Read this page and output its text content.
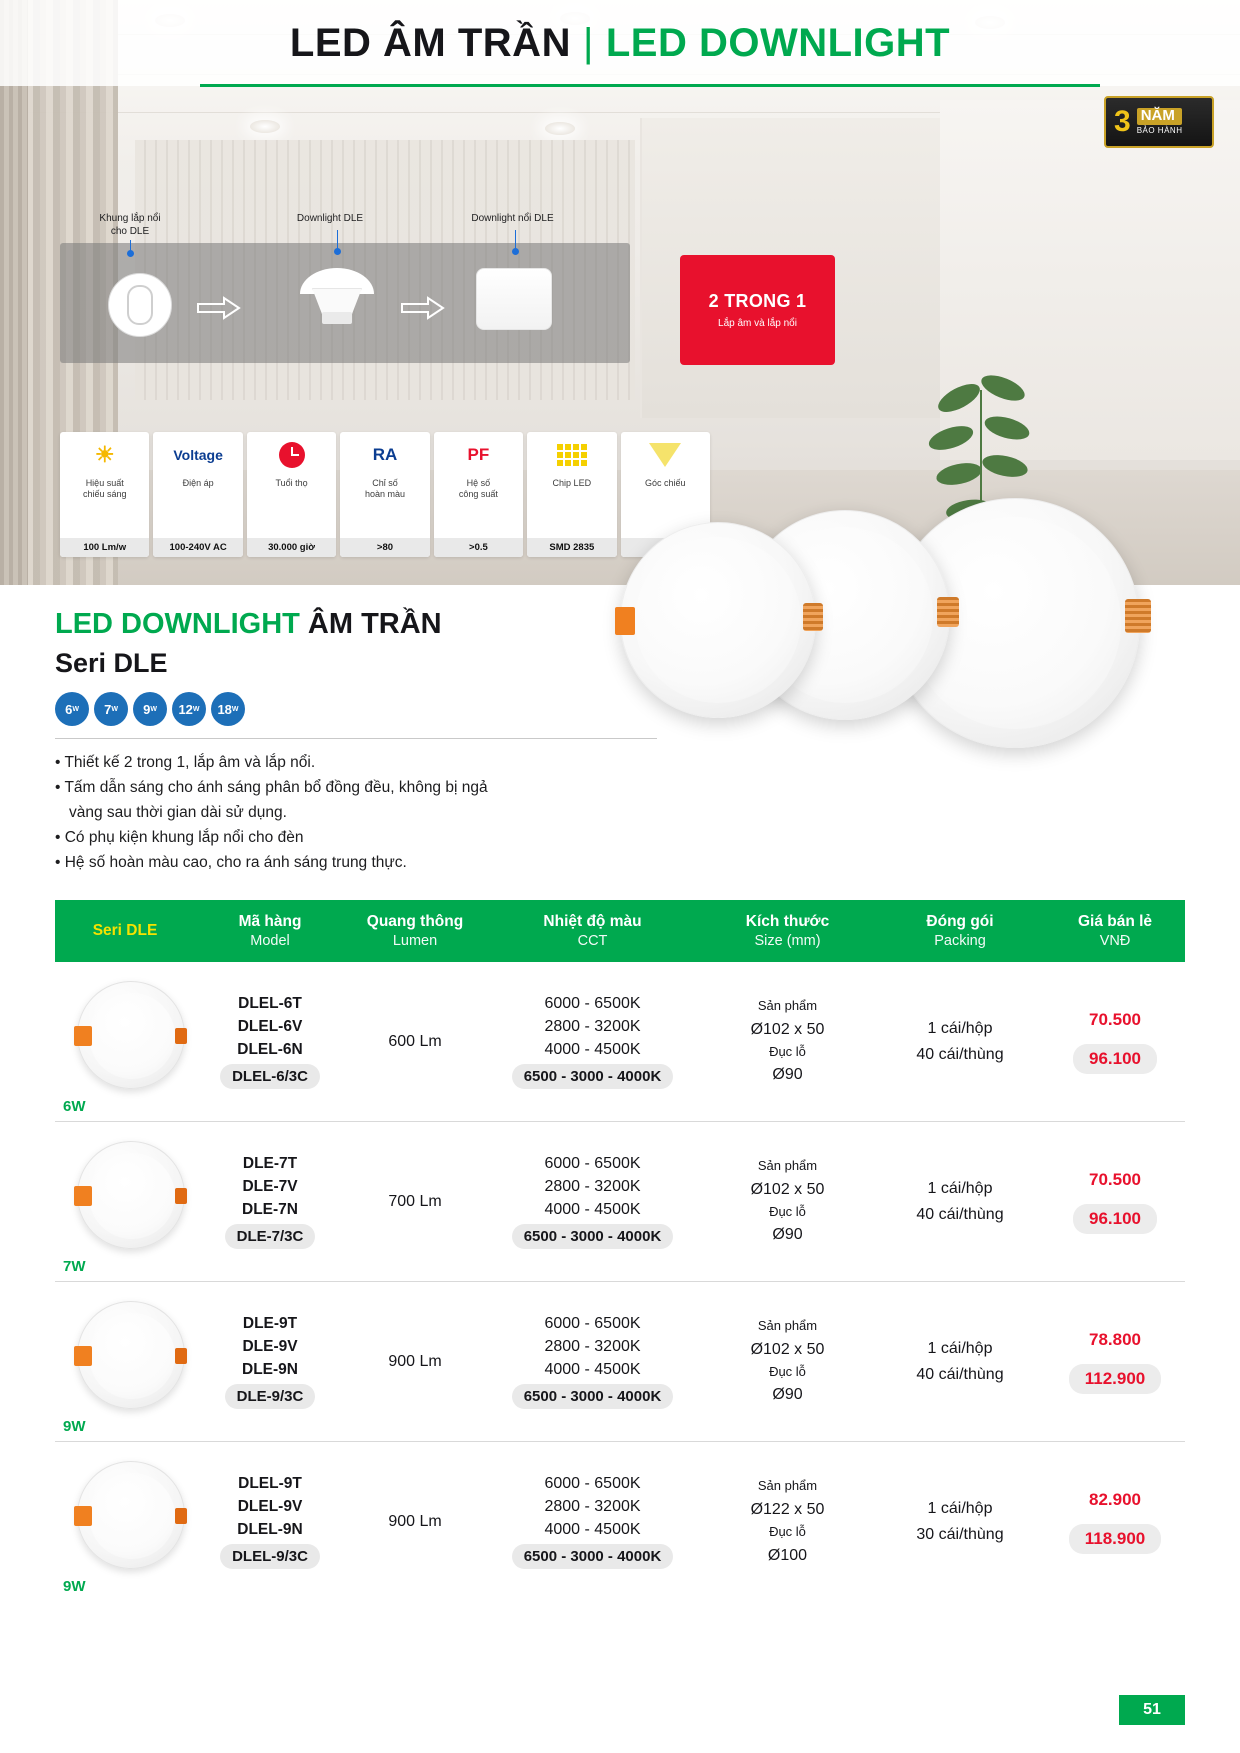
LED ÂM TRẦN | LED DOWNLIGHT
3 NĂM
BẢO HÀNH
Khung lắp nổi
cho DLE
Downlight DLE	Downlight nổi DLE
2 TRONG 1
Lắp âm và lắp nổi
☀
Hiệu suất
chiếu sáng
100 Lm/w
Voltage
Điện áp
100-240V AC
Tuổi thọ
30.000 giờ
RA
Chỉ số
hoàn màu
>80
PF
Hệ số
công suất
>0.5
Chip LED
SMD 2835
Góc chiếu
LED DOWNLIGHT ÂM TRẦN
Seri DLE
6 W 7 W 9 W 12 W 18 W

• Thiết kế 2 trong 1, lắp âm và lắp nổi.

• Tấm dẫn sáng cho ánh sáng phân bổ đồng đều, không bị ngả

vàng sau thời gian dài sử dụng.

• Có phụ kiện khung lắp nổi cho đèn

• Hệ số hoàn màu cao, cho ra ánh sáng trung thực.

Seri DLE
Mã hàng
Model
Quang thông
Lumen
Nhiệt độ màu
CCT
Kích thước
Size (mm)
Đóng gói
Packing
Giá bán lẻ
VNĐ
6W
DLEL-6T
DLEL-6V
DLEL-6N
DLEL-6/3C
600 Lm
6000 - 6500K
2800 - 3200K
4000 - 4500K
6500 - 3000 - 4000K
Sản phẩm
Ø102 x 50
Đục lỗ
Ø90
1 cái/hộp
40 cái/thùng
70.500
96.100
7W
DLE-7T
DLE-7V
DLE-7N
DLE-7/3C
700 Lm
6000 - 6500K
2800 - 3200K
4000 - 4500K
6500 - 3000 - 4000K
Sản phẩm
Ø102 x 50
Đục lỗ
Ø90
1 cái/hộp
40 cái/thùng
70.500
96.100
9W
DLE-9T
DLE-9V
DLE-9N
DLE-9/3C
900 Lm
6000 - 6500K
2800 - 3200K
4000 - 4500K
6500 - 3000 - 4000K
Sản phẩm
Ø102 x 50
Đục lỗ
Ø90
1 cái/hộp
40 cái/thùng
78.800
112.900
9W
DLEL-9T
DLEL-9V
DLEL-9N
DLEL-9/3C
900 Lm
6000 - 6500K
2800 - 3200K
4000 - 4500K
6500 - 3000 - 4000K
Sản phẩm
Ø122 x 50
Đục lỗ
Ø100
1 cái/hộp
30 cái/thùng
82.900
118.900
51
